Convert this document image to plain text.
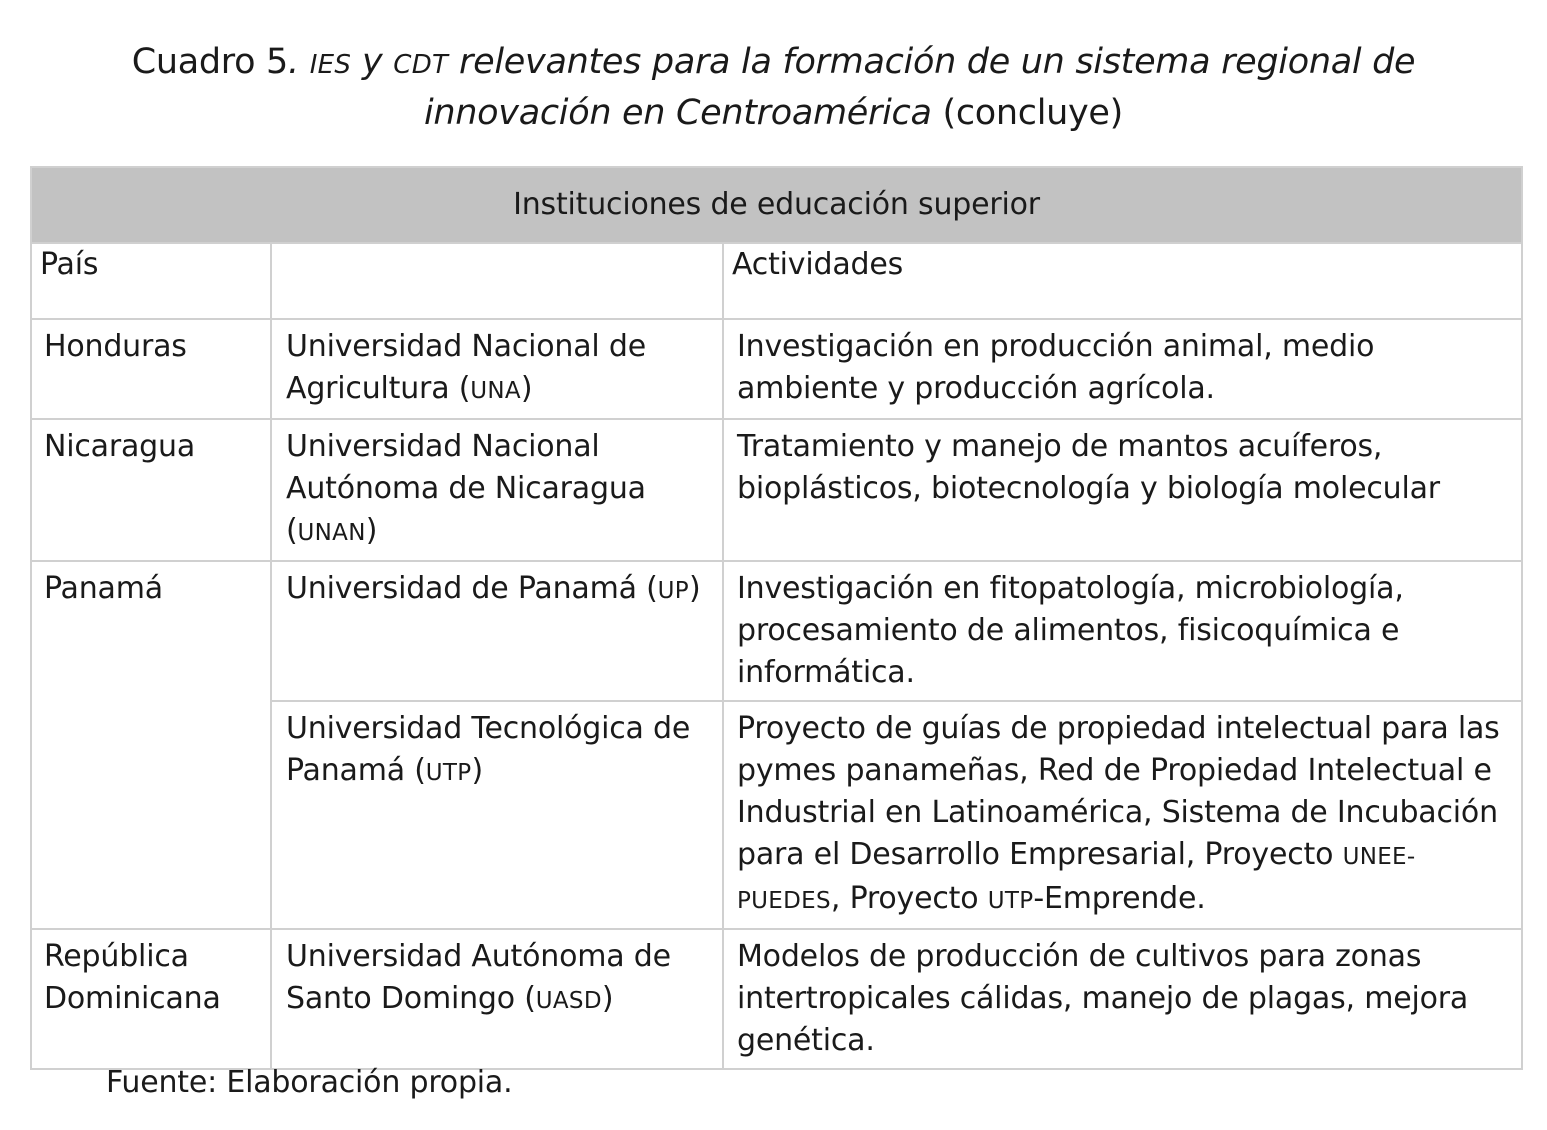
Cuadro 5. IES y CDT relevantes para la formación de un sistema regional de
innovación en Centroamérica (concluye)
Instituciones de educación superior		
País		Actividades
Honduras	Universidad Nacional de Agricultura (UNA)	Investigación en producción animal, medio ambiente y producción agrícola.
Nicaragua	Universidad Nacional Autónoma de Nicaragua (UNAN)	Tratamiento y manejo de mantos acuíferos, bioplásticos, biotecnología y biología molecular
Panamá	Universidad de Panamá (UP)	Investigación en fitopatología, microbiología, procesamiento de alimentos, fisicoquímica e informática.
	Universidad Tecnológica de Panamá (UTP)	Proyecto de guías de propiedad intelectual para las pymes panameñas, Red de Propiedad Intelectual e Industrial en Latinoamérica, Sistema de Incubación para el Desarrollo Empresarial, Proyecto UNEE-PUEDES, Proyecto UTP-Emprende.
República Dominicana	Universidad Autónoma de Santo Domingo (UASD)	Modelos de producción de cultivos para zonas intertropicales cálidas, manejo de plagas, mejora genética.
Fuente: Elaboración propia.
